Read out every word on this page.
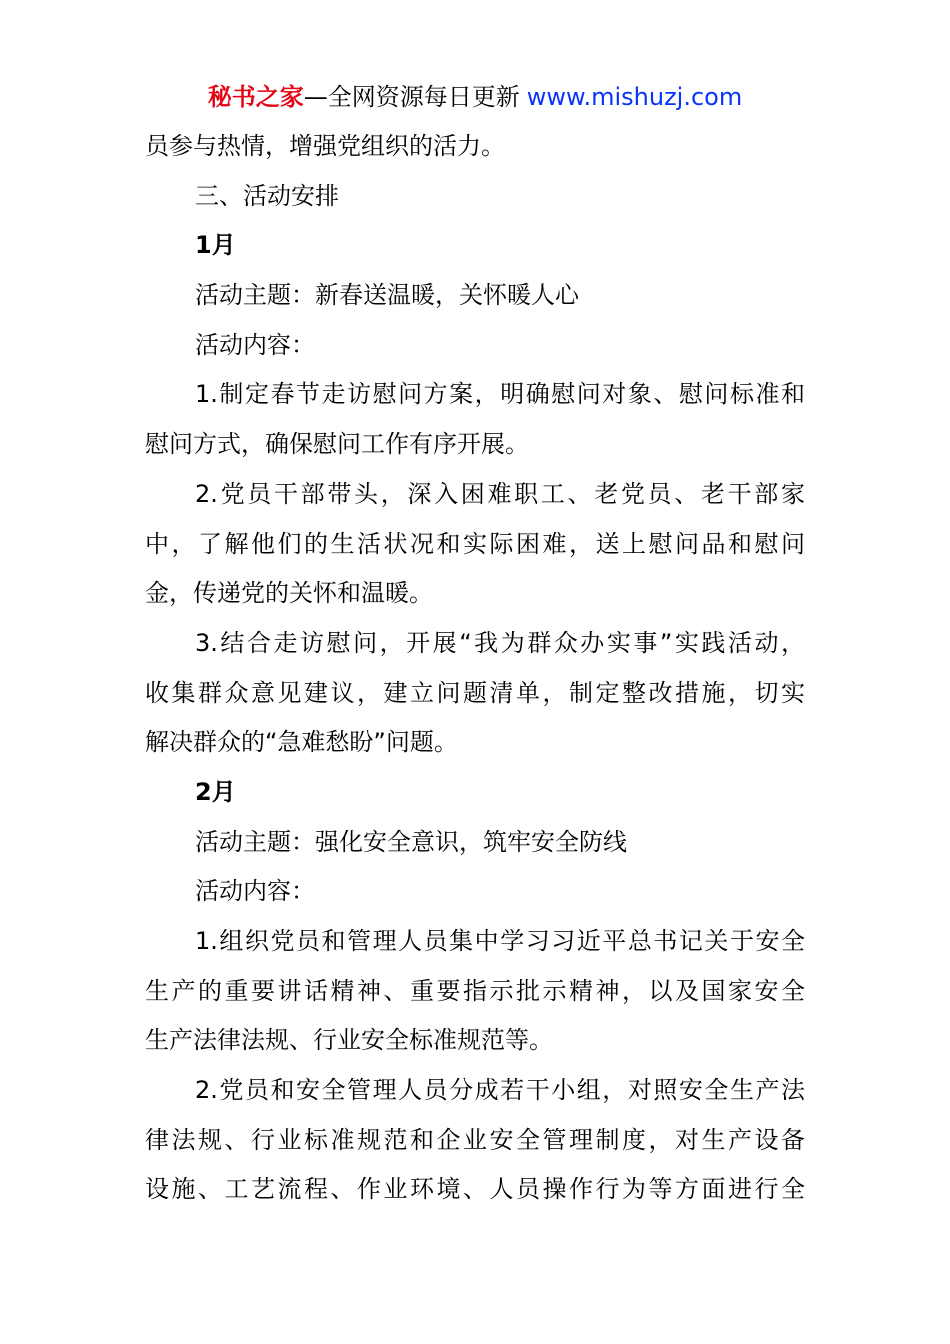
秘书之家—全网资源每日更新 www.mishuzj.com
员参与热情，增强党组织的活力。
三、活动安排
1月
活动主题：新春送温暖，关怀暖人心
活动内容：
1.制定春节走访慰问方案，明确慰问对象、慰问标准和
慰问方式，确保慰问工作有序开展。
2.党员干部带头，深入困难职工、老党员、老干部家
中，了解他们的生活状况和实际困难，送上慰问品和慰问
金，传递党的关怀和温暖。
3.结合走访慰问，开展“我为群众办实事”实践活动，
收集群众意见建议，建立问题清单，制定整改措施，切实
解决群众的“急难愁盼”问题。
2月
活动主题：强化安全意识，筑牢安全防线
活动内容：
1.组织党员和管理人员集中学习习近平总书记关于安全
生产的重要讲话精神、重要指示批示精神，以及国家安全
生产法律法规、行业安全标准规范等。
2.党员和安全管理人员分成若干小组，对照安全生产法
律法规、行业标准规范和企业安全管理制度，对生产设备
设施、工艺流程、作业环境、人员操作行为等方面进行全
